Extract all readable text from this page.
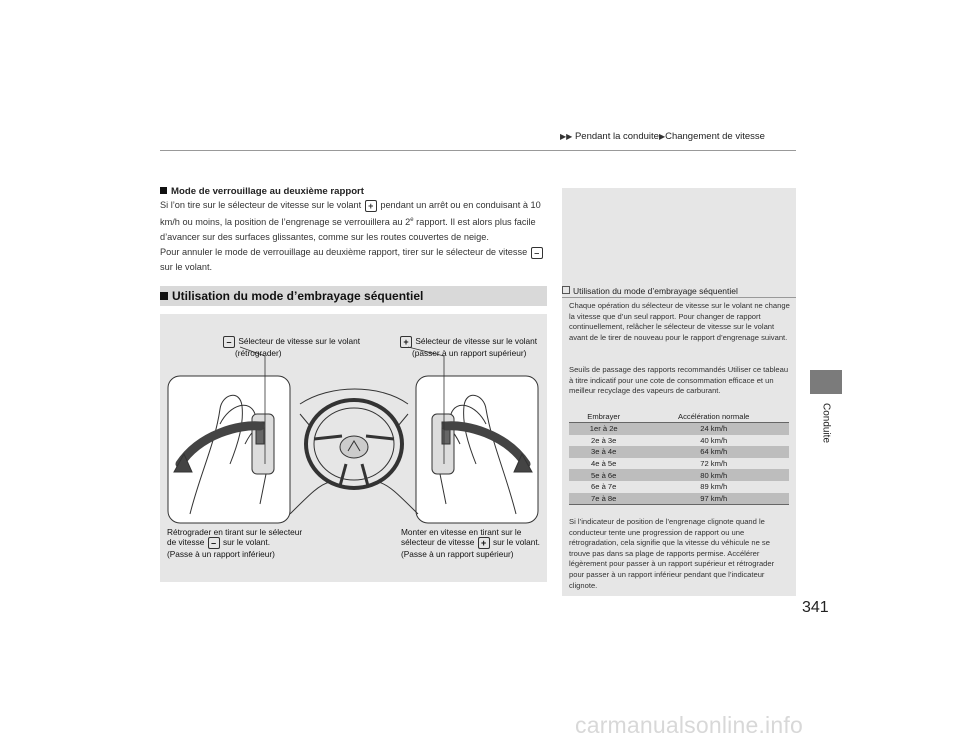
▶▶ Pendant la conduite▶Changement de vitesse
Conduite
Mode de verrouillage au deuxième rapport
Si l’on tire sur le sélecteur de vitesse sur le volant + pendant un arrêt ou en conduisant à 10
km/h ou moins, la position de l’engrenage se verrouillera au 2e rapport. Il est alors plus facile
d’avancer sur des surfaces glissantes, comme sur les routes couvertes de neige.
Pour annuler le mode de verrouillage au deuxième rapport, tirer sur le sélecteur de vitesse –
sur le volant.
Utilisation du mode d’embrayage séquentiel
– Sélecteur de vitesse sur le volant
(rétrograder)
+ Sélecteur de vitesse sur le volant
(passer à un rapport supérieur)
Rétrograder en tirant sur le sélecteur
de vitesse – sur le volant.
(Passe à un rapport inférieur)
Monter en vitesse en tirant sur le
sélecteur de vitesse + sur le volant.
(Passe à un rapport supérieur)
Utilisation du mode d’embrayage séquentiel
Chaque opération du sélecteur de vitesse sur le volant ne change la vitesse que d’un seul rapport. Pour changer de rapport continuellement, relâcher le sélecteur de vitesse sur le volant avant de le tirer de nouveau pour le rapport d’engrenage suivant.
Seuils de passage des rapports recommandés Utiliser ce tableau à titre indicatif pour une cote de consommation efficace et un meilleur recyclage des vapeurs de carburant.
Embrayer	Accélération normale
1er à 2e	24 km/h
2e à 3e	40 km/h
3e à 4e	64 km/h
4e à 5e	72 km/h
5e à 6e	80 km/h
6e à 7e	89 km/h
7e à 8e	97 km/h
Si l’indicateur de position de l’engrenage clignote quand le conducteur tente une progression de rapport ou une rétrogradation, cela signifie que la vitesse du véhicule ne se trouve pas dans sa plage de rapports permise. Accélérer légèrement pour passer à un rapport supérieur et rétrograder pour passer à un rapport inférieur pendant que l’indicateur clignote.
341
carmanualsonline.info
